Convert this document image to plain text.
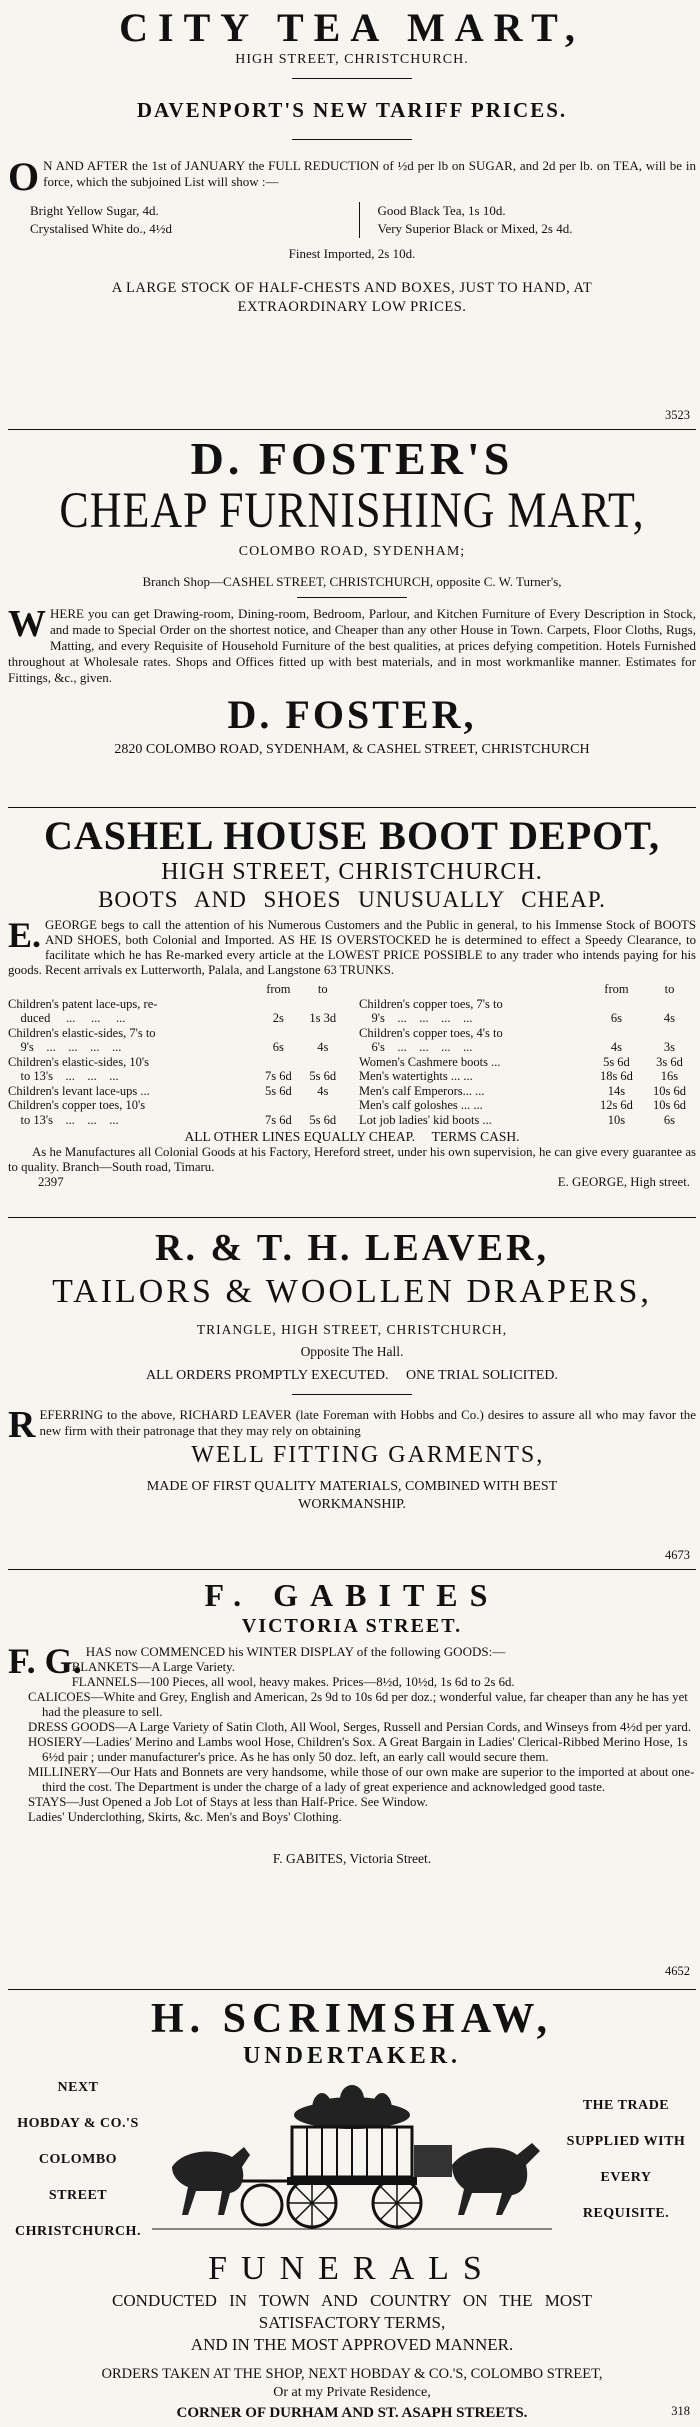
CITY TEA MART,
HIGH STREET, CHRISTCHURCH.
DAVENPORT'S NEW TARIFF PRICES.
O N AND AFTER the 1st of JANUARY the FULL REDUCTION of ½d per lb on SUGAR, and 2d per lb. on TEA, will be in force, which the subjoined List will show :—

Bright Yellow Sugar, 4d.

Crystalised White do., 4½d

Good Black Tea, 1s 10d.

Very Superior Black or Mixed, 2s 4d.

Finest Imported, 2s 10d.
A LARGE STOCK OF HALF-CHESTS AND BOXES, JUST TO HAND, AT
EXTRAORDINARY LOW PRICES.
3523
D. FOSTER'S
CHEAP FURNISHING MART,
COLOMBO ROAD, SYDENHAM;
Branch Shop—CASHEL STREET, CHRISTCHURCH, opposite C. W. Turner's,
W HERE you can get Drawing-room, Dining-room, Bedroom, Parlour, and Kitchen Furniture of Every Description in Stock, and made to Special Order on the shortest notice, and Cheaper than any other House in Town. Carpets, Floor Cloths, Rugs, Matting, and every Requisite of Household Furniture of the best qualities, at prices defying competition. Hotels Furnished throughout at Wholesale rates. Shops and Offices fitted up with best materials, and in most workmanlike manner. Estimates for Fittings, &c., given.
D. FOSTER,
2820 COLOMBO ROAD, SYDENHAM, & CASHEL STREET, CHRISTCHURCH
CASHEL HOUSE BOOT DEPOT,
HIGH STREET, CHRISTCHURCH.
BOOTS AND SHOES UNUSUALLY CHEAP.
E. GEORGE begs to call the attention of his Numerous Customers and the Public in general, to his Immense Stock of BOOTS AND SHOES, both Colonial and Imported. AS HE IS OVERSTOCKED he is determined to effect a Speedy Clearance, to facilitate which he has Re-marked every article at the LOWEST PRICE POSSIBLE to any trader who intends paying for his goods. Recent arrivals ex Lutterworth, Palala, and Langstone 63 TRUNKS.
	from	to
Children's patent lace-ups, re-		
duced     ...     ...     ...	2s	1s 3d
Children's elastic-sides, 7's to		
9's    ...    ...    ...    ...	6s	4s
Children's elastic-sides, 10's		
to 13's    ...    ...    ...	7s 6d	5s 6d
Children's levant lace-ups ...	5s 6d	4s
Children's copper toes, 10's		
to 13's    ...    ...    ...	7s 6d	5s 6d
	from	to
Children's copper toes, 7's to		
9's    ...    ...    ...    ...	6s	4s
Children's copper toes, 4's to		
6's    ...    ...    ...    ...	4s	3s
Women's Cashmere boots ...	5s 6d	3s 6d
Men's watertights ... ...	18s 6d	16s
Men's calf Emperors... ...	14s	10s 6d
Men's calf goloshes ... ...	12s 6d	10s 6d
Lot job ladies' kid boots ...	10s	6s
ALL OTHER LINES EQUALLY CHEAP.     TERMS CASH.
As he Manufactures all Colonial Goods at his Factory, Hereford street, under his own supervision, he can give every guarantee as to quality. Branch—South road, Timaru.
2397	E. GEORGE, High street.
R. & T. H. LEAVER,
TAILORS & WOOLLEN DRAPERS,
TRIANGLE, HIGH STREET, CHRISTCHURCH,
Opposite The Hall.
ALL ORDERS PROMPTLY EXECUTED.     ONE TRIAL SOLICITED.
R EFERRING to the above, RICHARD LEAVER (late Foreman with Hobbs and Co.) desires to assure all who may favor the new firm with their patronage that they may rely on obtaining
WELL FITTING GARMENTS,
MADE OF FIRST QUALITY MATERIALS, COMBINED WITH BEST
WORKMANSHIP.
4673
F. GABITES
VICTORIA STREET.
F. G. HAS now COMMENCED his WINTER DISPLAY of the following GOODS:—

BLANKETS—A Large Variety.

FLANNELS—100 Pieces, all wool, heavy makes. Prices—8½d, 10½d, 1s 6d to 2s 6d.

CALICOES—White and Grey, English and American, 2s 9d to 10s 6d per doz.; wonderful value, far cheaper than any he has yet had the pleasure to sell.

DRESS GOODS—A Large Variety of Satin Cloth, All Wool, Serges, Russell and Persian Cords, and Winseys from 4½d per yard.

HOSIERY—Ladies' Merino and Lambs wool Hose, Children's Sox. A Great Bargain in Ladies' Clerical-Ribbed Merino Hose, 1s 6½d pair ; under manufacturer's price. As he has only 50 doz. left, an early call would secure them.

MILLINERY—Our Hats and Bonnets are very handsome, while those of our own make are superior to the imported at about one-third the cost. The Department is under the charge of a lady of great experience and acknowledged good taste.

STAYS—Just Opened a Job Lot of Stays at less than Half-Price. See Window.

Ladies' Underclothing, Skirts, &c. Men's and Boys' Clothing.

F. GABITES, Victoria Street.
4652
H. SCRIMSHAW,
UNDERTAKER.
NEXT
HOBDAY & CO.'S
COLOMBO STREET
CHRISTCHURCH.
THE TRADE
SUPPLIED WITH
EVERY
REQUISITE.
FUNERALS
CONDUCTED IN TOWN AND COUNTRY ON THE MOST
SATISFACTORY TERMS,
AND IN THE MOST APPROVED MANNER.
ORDERS TAKEN AT THE SHOP, NEXT HOBDAY & CO.'S, COLOMBO STREET,
Or at my Private Residence,
CORNER OF DURHAM AND ST. ASAPH STREETS.	318
